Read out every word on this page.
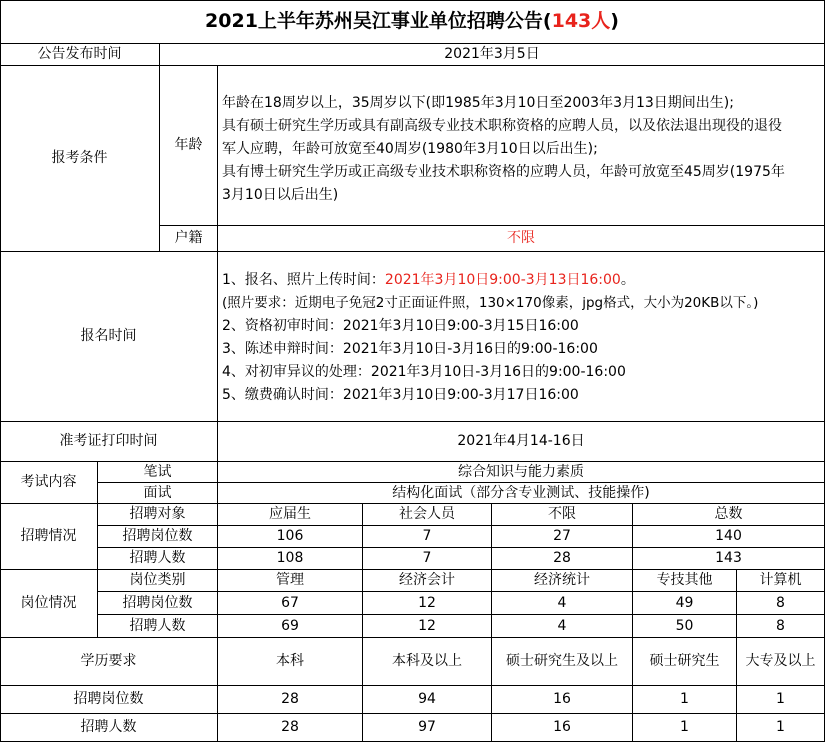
2021上半年苏州吴江事业单位招聘公告( 143人 )
公告发布时间	2021年3月5日
报考条件
年龄
年龄在18周岁以上，35周岁以下(即1985年3月10日至2003年3月13日期间出生);
具有硕士研究生学历或具有副高级专业技术职称资格的应聘人员，以及依法退出现役的退役
军人应聘，年龄可放宽至40周岁(1980年3月10日以后出生);
具有博士研究生学历或正高级专业技术职称资格的应聘人员，年龄可放宽至45周岁(1975年
3月10日以后出生)
户籍	不限
报名时间
1、报名、照片上传时间：2021年3月10日9:00-3月13日16:00。
(照片要求：近期电子免冠2寸正面证件照，130×170像素，jpg格式，大小为20KB以下。)
2、资格初审时间：2021年3月10日9:00-3月15日16:00
3、陈述申辩时间：2021年3月10日-3月16日的9:00-16:00
4、对初审异议的处理：2021年3月10日-3月16日的9:00-16:00
5、缴费确认时间：2021年3月10日9:00-3月17日16:00
准考证打印时间	2021年4月14-16日
考试内容
笔试	综合知识与能力素质
面试	结构化面试（部分含专业测试、技能操作)
招聘情况
招聘对象	应届生	社会人员	不限	总数
招聘岗位数	106	7	27	140
招聘人数	108	7	28	143
岗位情况
岗位类别	管理	经济会计	经济统计	专技其他	计算机
招聘岗位数	67	12	4	49	8
招聘人数	69	12	4	50	8
学历要求	本科	本科及以上	硕士研究生及以上	硕士研究生	大专及以上
招聘岗位数	28	94	16	1	1
招聘人数	28	97	16	1	1
